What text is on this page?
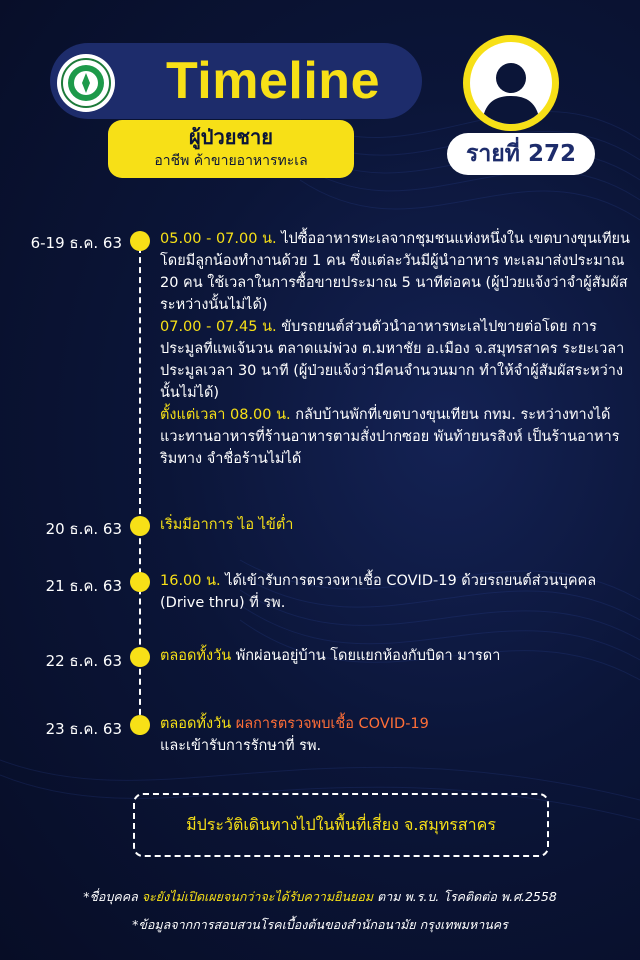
Timeline
ผู้ป่วยชาย
อาชีพ ค้าขายอาหารทะเล	รายที่ 272
6-19 ธ.ค. 63	05.00 - 07.00 น. ไปซื้ออาหารทะเลจากชุมชนแห่งหนึ่งใน เขตบางขุนเทียนโดยมีลูกน้องทำงานด้วย 1 คน ซึ่งแต่ละวันมีผู้นำอาหาร ทะเลมาส่งประมาณ 20 คน ใช้เวลาในการซื้อขายประมาณ 5 นาทีต่อคน (ผู้ป่วยแจ้งว่าจำผู้สัมผัสระหว่างนั้นไม่ได้)
07.00 - 07.45 น. ขับรถยนต์ส่วนตัวนำอาหารทะเลไปขายต่อโดย การประมูลที่แพเจ้นวน ตลาดแม่พ่วง ต.มหาชัย อ.เมือง จ.สมุทรสาคร ระยะเวลาประมูลเวลา 30 นาที (ผู้ป่วยแจ้งว่ามีคนจำนวนมาก ทำให้จำผู้สัมผัสระหว่างนั้นไม่ได้)
ตั้งแต่เวลา 08.00 น. กลับบ้านพักที่เขตบางขุนเทียน กทม. ระหว่างทางได้แวะทานอาหารที่ร้านอาหารตามสั่งปากซอย พันท้ายนรสิงห์ เป็นร้านอาหารริมทาง จำชื่อร้านไม่ได้
20 ธ.ค. 63	เริ่มมีอาการ ไอ ไข้ต่ำ
21 ธ.ค. 63	16.00 น. ได้เข้ารับการตรวจหาเชื้อ COVID-19 ด้วยรถยนต์ส่วนบุคคล (Drive thru) ที่ รพ.
22 ธ.ค. 63	ตลอดทั้งวัน พักผ่อนอยู่บ้าน โดยแยกห้องกับบิดา มารดา
23 ธ.ค. 63	ตลอดทั้งวัน ผลการตรวจพบเชื้อ COVID-19
และเข้ารับการรักษาที่ รพ.
มีประวัติเดินทางไปในพื้นที่เสี่ยง จ.สมุทรสาคร
*ชื่อบุคคล จะยังไม่เปิดเผยจนกว่าจะได้รับความยินยอม ตาม พ.ร.บ. โรคติดต่อ พ.ศ.2558
*ข้อมูลจากการสอบสวนโรคเบื้องต้นของสำนักอนามัย กรุงเทพมหานคร
